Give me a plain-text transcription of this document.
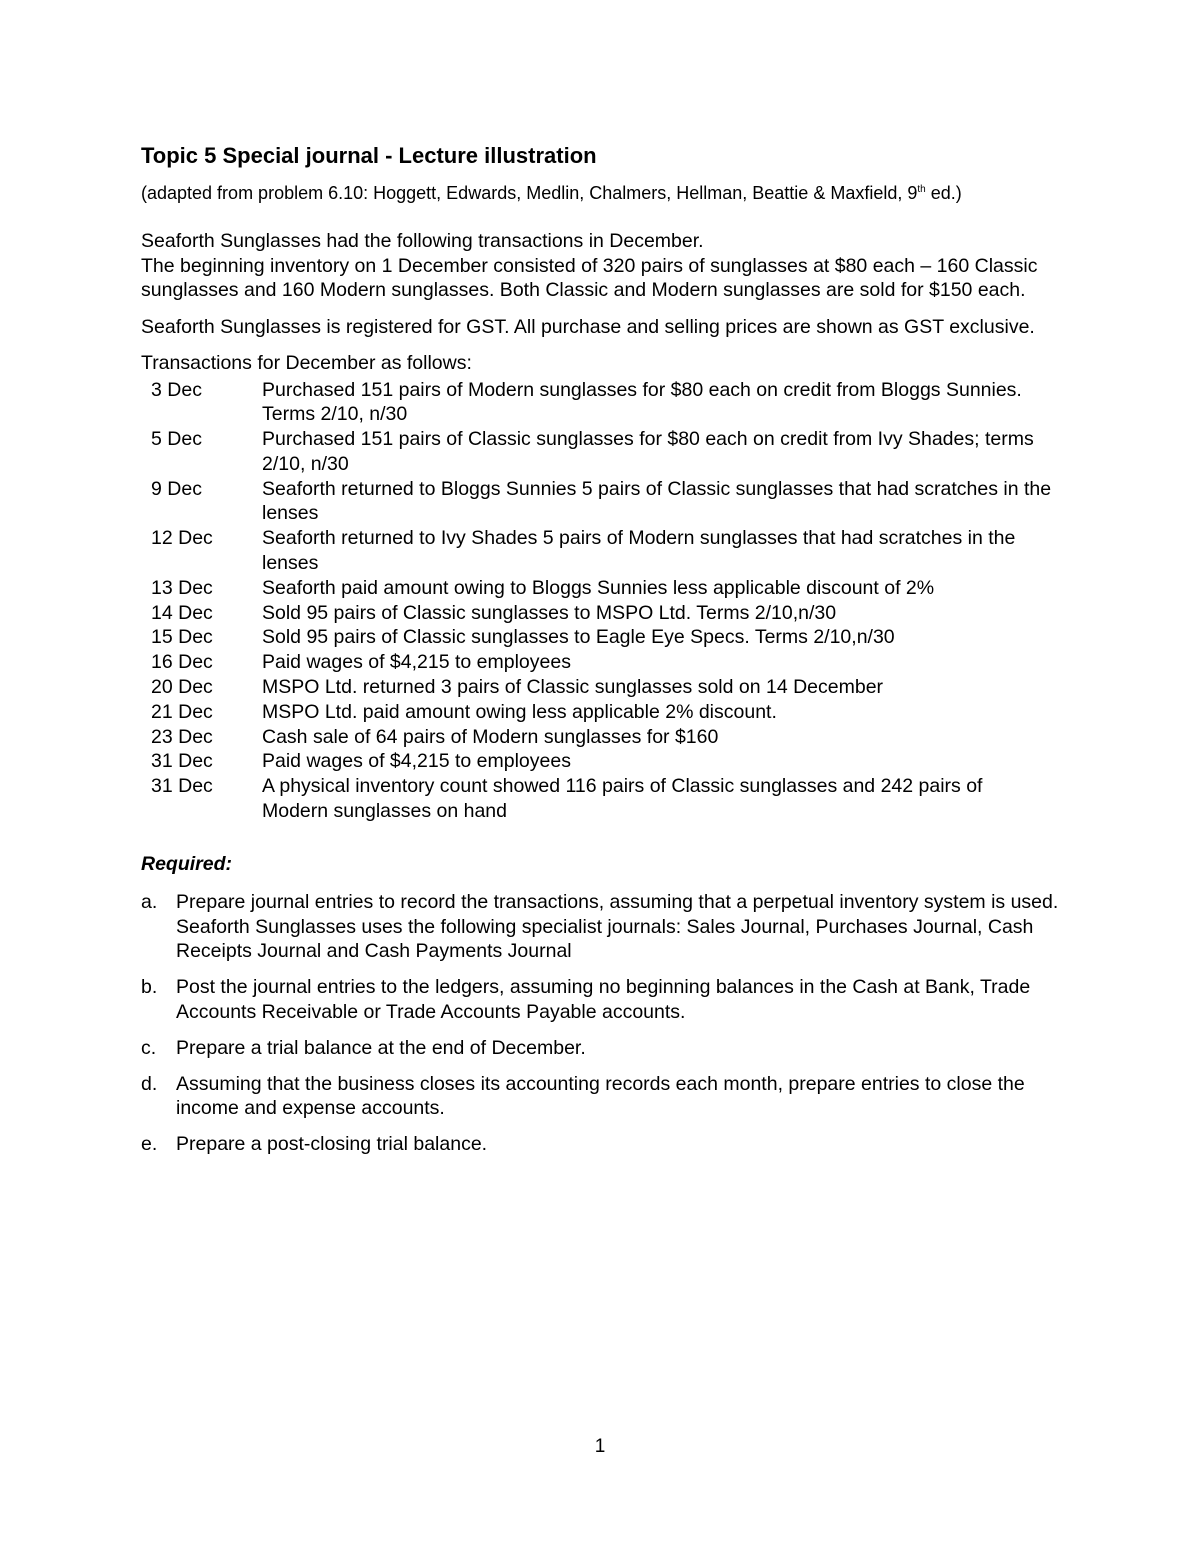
Topic 5 Special journal - Lecture illustration
(adapted from problem 6.10: Hoggett, Edwards, Medlin, Chalmers, Hellman, Beattie & Maxfield, 9th ed.)

Seaforth Sunglasses had the following transactions in December.

The beginning inventory on 1 December consisted of 320 pairs of sunglasses at $80 each – 160 Classic sunglasses and 160 Modern sunglasses. Both Classic and Modern sunglasses are sold for $150 each.

Seaforth Sunglasses is registered for GST. All purchase and selling prices are shown as GST exclusive.

Transactions for December as follows:

3 Dec	Purchased 151 pairs of Modern sunglasses for $80 each on credit from Bloggs Sunnies. Terms 2/10, n/30
5 Dec	Purchased 151 pairs of Classic sunglasses for $80 each on credit from Ivy Shades; terms 2/10, n/30
9 Dec	Seaforth returned to Bloggs Sunnies 5 pairs of Classic sunglasses that had scratches in the lenses
12 Dec	Seaforth returned to Ivy Shades 5 pairs of Modern sunglasses that had scratches in the lenses
13 Dec	Seaforth paid amount owing to Bloggs Sunnies less applicable discount of 2%
14 Dec	Sold 95 pairs of Classic sunglasses to MSPO Ltd. Terms 2/10,n/30
15 Dec	Sold 95 pairs of Classic sunglasses to Eagle Eye Specs. Terms 2/10,n/30
16 Dec	Paid wages of $4,215 to employees
20 Dec	MSPO Ltd. returned 3 pairs of Classic sunglasses sold on 14 December
21 Dec	MSPO Ltd. paid amount owing less applicable 2% discount.
23 Dec	Cash sale of 64 pairs of Modern sunglasses for $160
31 Dec	Paid wages of $4,215 to employees
31 Dec	A physical inventory count showed 116 pairs of Classic sunglasses and 242 pairs of Modern sunglasses on hand
Required:
a. Prepare journal entries to record the transactions, assuming that a perpetual inventory system is used. Seaforth Sunglasses uses the following specialist journals: Sales Journal, Purchases Journal, Cash Receipts Journal and Cash Payments Journal
b. Post the journal entries to the ledgers, assuming no beginning balances in the Cash at Bank, Trade Accounts Receivable or Trade Accounts Payable accounts.
c.	Prepare a trial balance at the end of December.
d. Assuming that the business closes its accounting records each month, prepare entries to close the income and expense accounts.
e. Prepare a post-closing trial balance.
1
